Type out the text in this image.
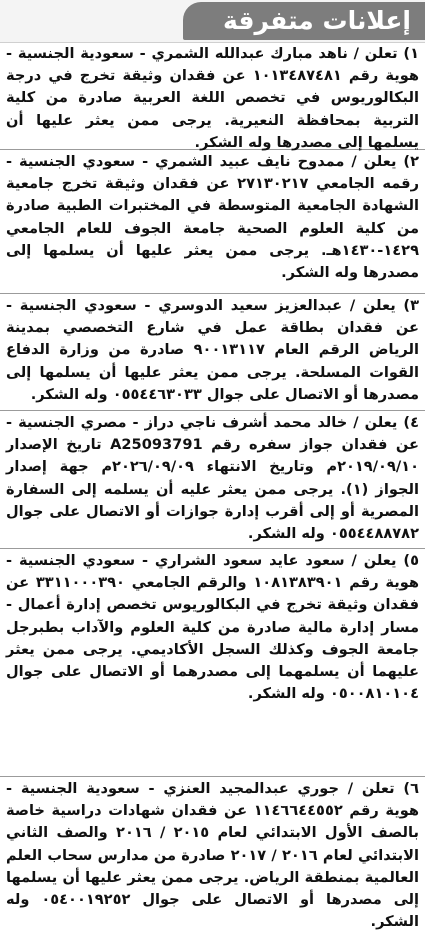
إعلانات متفرقة

١) تعلن / ناهد مبارك عبدالله الشمري - سعودية الجنسية - هوية رقم ١٠١٣٤٨٧٤٨١ عن فقدان وثيقة تخرج في درجة البكالوريوس في تخصص اللغة العربية صادرة من كلية التربية بمحافظة النعيرية. يرجى ممن يعثر عليها أن يسلمها إلى مصدرها وله الشكر.

٢) يعلن / ممدوح نايف عبيد الشمري - سعودي الجنسية - رقمه الجامعي ٢٧١٣٠٢١٧ عن فقدان وثيقة تخرج جامعية الشهادة الجامعية المتوسطة في المختبرات الطبية صادرة من كلية العلوم الصحية جامعة الجوف للعام الجامعي ١٤٢٩-١٤٣٠هـ. يرجى ممن يعثر عليها أن يسلمها إلى مصدرها وله الشكر.

٣) يعلن / عبدالعزيز سعيد الدوسري - سعودي الجنسية - عن فقدان بطاقة عمل في شارع التخصصي بمدينة الرياض الرقم العام ٩٠٠١٣١١٧ صادرة من وزارة الدفاع القوات المسلحة. يرجى ممن يعثر عليها أن يسلمها إلى مصدرها أو الاتصال على جوال ٠٥٥٤٤٦٣٠٣٣ وله الشكر.

٤) يعلن / خالد محمد أشرف ناجي دراز - مصري الجنسية - عن فقدان جواز سفره رقم A25093791 تاريخ الإصدار ٢٠١٩/٠٩/١٠م وتاريخ الانتهاء ٢٠٢٦/٠٩/٠٩م جهة إصدار الجواز (١). يرجى ممن يعثر عليه أن يسلمه إلى السفارة المصرية أو إلى أقرب إدارة جوازات أو الاتصال على جوال ٠٥٥٤٤٨٨٧٨٢ وله الشكر.

٥) يعلن / سعود عايد سعود الشراري - سعودي الجنسية - هوية رقم ١٠٨١٣٨٣٩٠١ والرقم الجامعي ٣٣١١٠٠٠٣٩٠ عن فقدان وثيقة تخرج في البكالوريوس تخصص إدارة أعمال - مسار إدارة مالية صادرة من كلية العلوم والآداب بطبرجل جامعة الجوف وكذلك السجل الأكاديمي. يرجى ممن يعثر عليهما أن يسلمهما إلى مصدرهما أو الاتصال على جوال ٠٥٠٠٨١٠١٠٤ وله الشكر.

٦) تعلن / جوري عبدالمجيد العنزي - سعودية الجنسية - هوية رقم ١١٤٦٦٤٤٥٥٢ عن فقدان شهادات دراسية خاصة بالصف الأول الابتدائي لعام ٢٠١٥ / ٢٠١٦ والصف الثاني الابتدائي لعام ٢٠١٦ / ٢٠١٧ صادرة من مدارس سحاب العلم العالمية بمنطقة الرياض. يرجى ممن يعثر عليها أن يسلمها إلى مصدرها أو الاتصال على جوال ٠٥٤٠٠١٩٢٥٢ وله الشكر.
